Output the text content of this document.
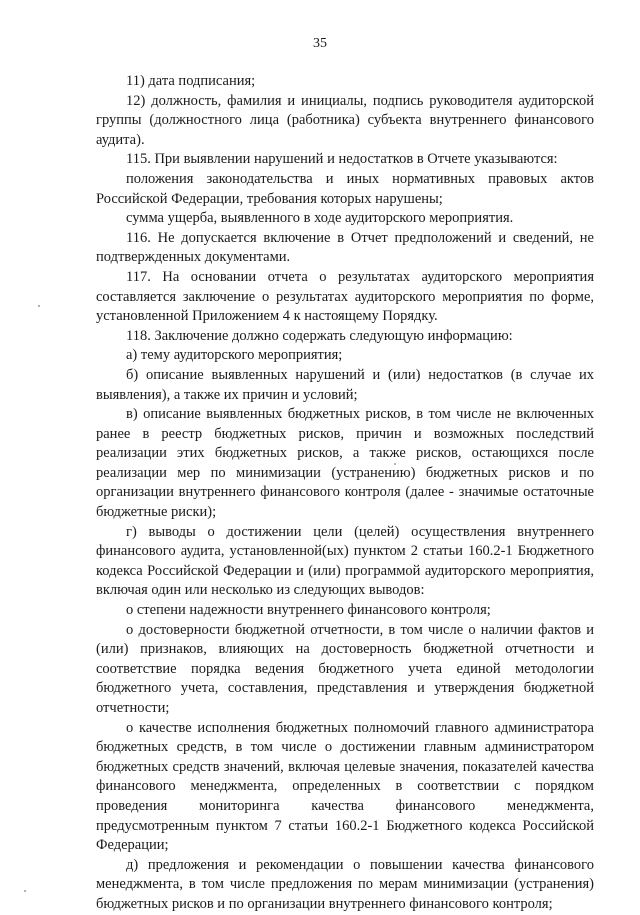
35

11) дата подписания;

12) должность, фамилия и инициалы, подпись руководителя аудиторской группы (должностного лица (работника) субъекта внутреннего финансового аудита).

115. При выявлении нарушений и недостатков в Отчете указываются:

положения законодательства и иных нормативных правовых актов Российской Федерации, требования которых нарушены;

сумма ущерба, выявленного в ходе аудиторского мероприятия.

116. Не допускается включение в Отчет предположений и сведений, не подтвержденных документами.

117. На основании отчета о результатах аудиторского мероприятия составляется заключение о результатах аудиторского мероприятия по форме, установленной Приложением 4 к настоящему Порядку.

118. Заключение должно содержать следующую информацию:

а) тему аудиторского мероприятия;

б) описание выявленных нарушений и (или) недостатков (в случае их выявления), а также их причин и условий;

в) описание выявленных бюджетных рисков, в том числе не включенных ранее в реестр бюджетных рисков, причин и возможных последствий реализации этих бюджетных рисков, а также рисков, остающихся после реализации мер по минимизации (устранению) бюджетных рисков и по организации внутреннего финансового контроля (далее - значимые остаточные бюджетные риски);

г) выводы о достижении цели (целей) осуществления внутреннего финансового аудита, установленной(ых) пунктом 2 статьи 160.2-1 Бюджетного кодекса Российской Федерации и (или) программой аудиторского мероприятия, включая один или несколько из следующих выводов:

о степени надежности внутреннего финансового контроля;

о достоверности бюджетной отчетности, в том числе о наличии фактов и (или) признаков, влияющих на достоверность бюджетной отчетности и соответствие порядка ведения бюджетного учета единой методологии бюджетного учета, составления, представления и утверждения бюджетной отчетности;

о качестве исполнения бюджетных полномочий главного администратора бюджетных средств, в том числе о достижении главным администратором бюджетных средств значений, включая целевые значения, показателей качества финансового менеджмента, определенных в соответствии с порядком проведения мониторинга качества финансового менеджмента, предусмотренным пунктом 7 статьи 160.2-1 Бюджетного кодекса Российской Федерации;

д) предложения и рекомендации о повышении качества финансового менеджмента, в том числе предложения по мерам минимизации (устранения) бюджетных рисков и по организации внутреннего финансового контроля;
